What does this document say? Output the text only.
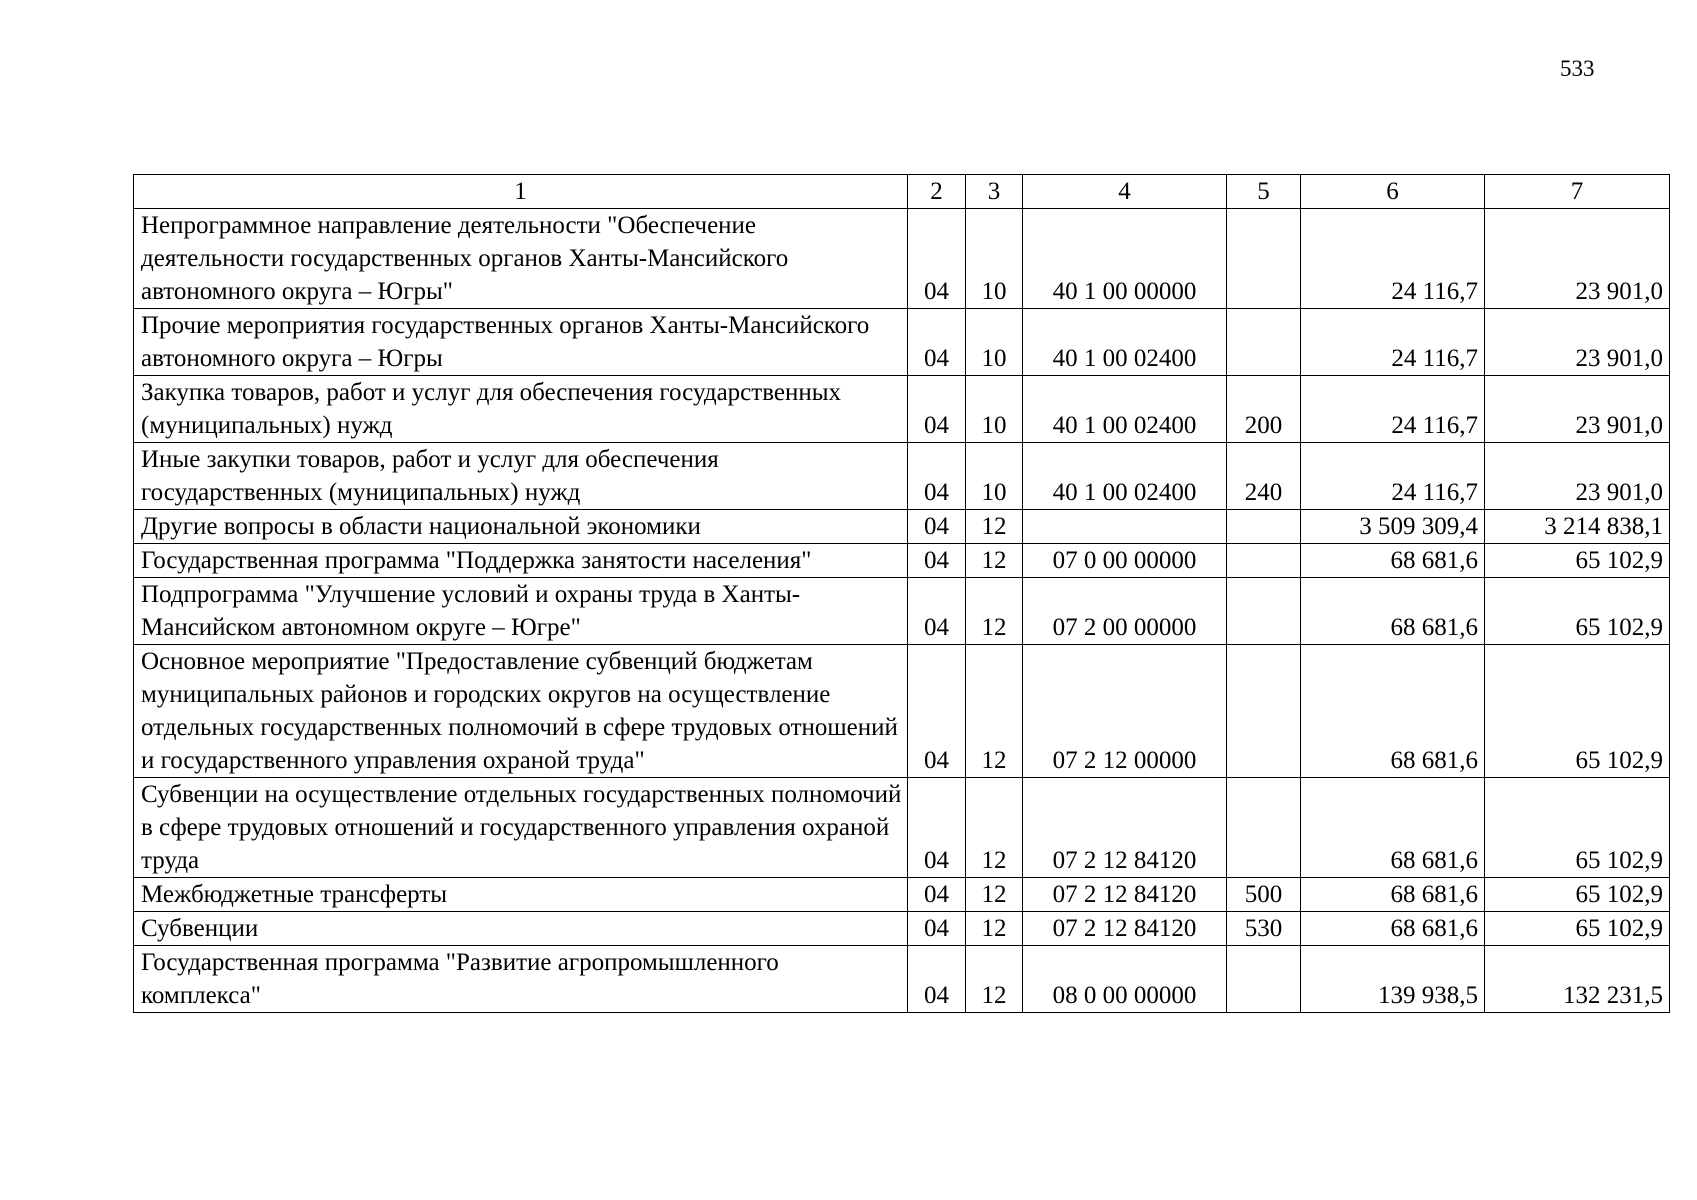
533
1	2	3	4	5	6	7
Непрограммное направление деятельности "Обеспечение деятельности государственных органов Ханты-Мансийского автономного округа – Югры"	04	10	40 1 00 00000		24 116,7	23 901,0
Прочие мероприятия государственных органов Ханты-Мансийского автономного округа – Югры	04	10	40 1 00 02400		24 116,7	23 901,0
Закупка товаров, работ и услуг для обеспечения государственных (муниципальных) нужд	04	10	40 1 00 02400	200	24 116,7	23 901,0
Иные закупки товаров, работ и услуг для обеспечения государственных (муниципальных) нужд	04	10	40 1 00 02400	240	24 116,7	23 901,0
Другие вопросы в области национальной экономики	04	12			3 509 309,4	3 214 838,1
Государственная программа "Поддержка занятости населения"	04	12	07 0 00 00000		68 681,6	65 102,9
Подпрограмма "Улучшение условий и охраны труда в Ханты-Мансийском автономном округе – Югре"	04	12	07 2 00 00000		68 681,6	65 102,9
Основное мероприятие "Предоставление субвенций бюджетам муниципальных районов и городских округов на осуществление отдельных государственных полномочий в сфере трудовых отношений и государственного управления охраной труда"	04	12	07 2 12 00000		68 681,6	65 102,9
Субвенции на осуществление отдельных государственных полномочий в сфере трудовых отношений и государственного управления охраной труда	04	12	07 2 12 84120		68 681,6	65 102,9
Межбюджетные трансферты	04	12	07 2 12 84120	500	68 681,6	65 102,9
Субвенции	04	12	07 2 12 84120	530	68 681,6	65 102,9
Государственная программа "Развитие агропромышленного комплекса"	04	12	08 0 00 00000		139 938,5	132 231,5
